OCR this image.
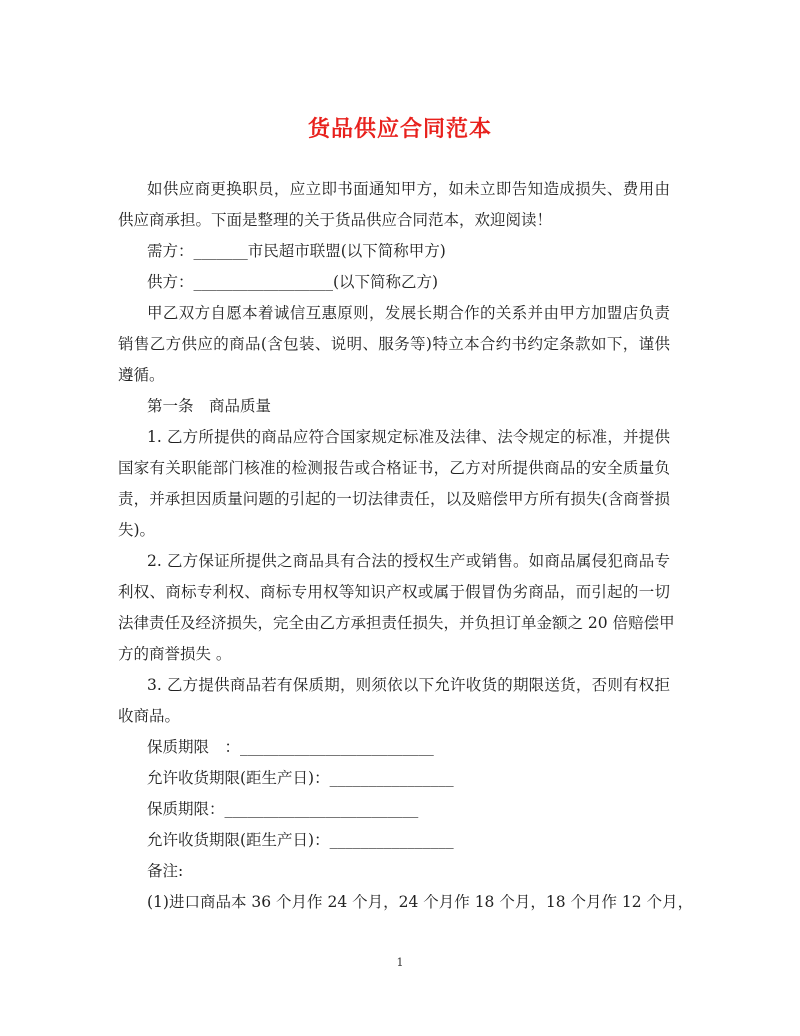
货品供应合同范本
如供应商更换职员，应立即书面通知甲方，如未立即告知造成损失、费用由
供应商承担。下面是整理的关于货品供应合同范本，欢迎阅读！
需方：_______市民超市联盟(以下简称甲方)
供方：__________________(以下简称乙方)
甲乙双方自愿本着诚信互惠原则，发展长期合作的关系并由甲方加盟店负责
销售乙方供应的商品(含包装、说明、服务等)特立本合约书约定条款如下，谨供
遵循。
第一条　商品质量
1. 乙方所提供的商品应符合国家规定标准及法律、法令规定的标准，并提供
国家有关职能部门核准的检测报告或合格证书，乙方对所提供商品的安全质量负
责，并承担因质量问题的引起的一切法律责任，以及赔偿甲方所有损失(含商誉损
失)。
2. 乙方保证所提供之商品具有合法的授权生产或销售。如商品属侵犯商品专
利权、商标专利权、商标专用权等知识产权或属于假冒伪劣商品，而引起的一切
法律责任及经济损失，完全由乙方承担责任损失，并负担订单金额之 20 倍赔偿甲
方的商誉损失 。
3. 乙方提供商品若有保质期，则须依以下允许收货的期限送货，否则有权拒
收商品。
保质期限　：_________________________
允许收货期限(距生产日)：________________
保质期限：_________________________
允许收货期限(距生产日)：________________
备注:
(1)进口商品本 36 个月作 24 个月，24 个月作 18 个月，18 个月作 12 个月，
1
